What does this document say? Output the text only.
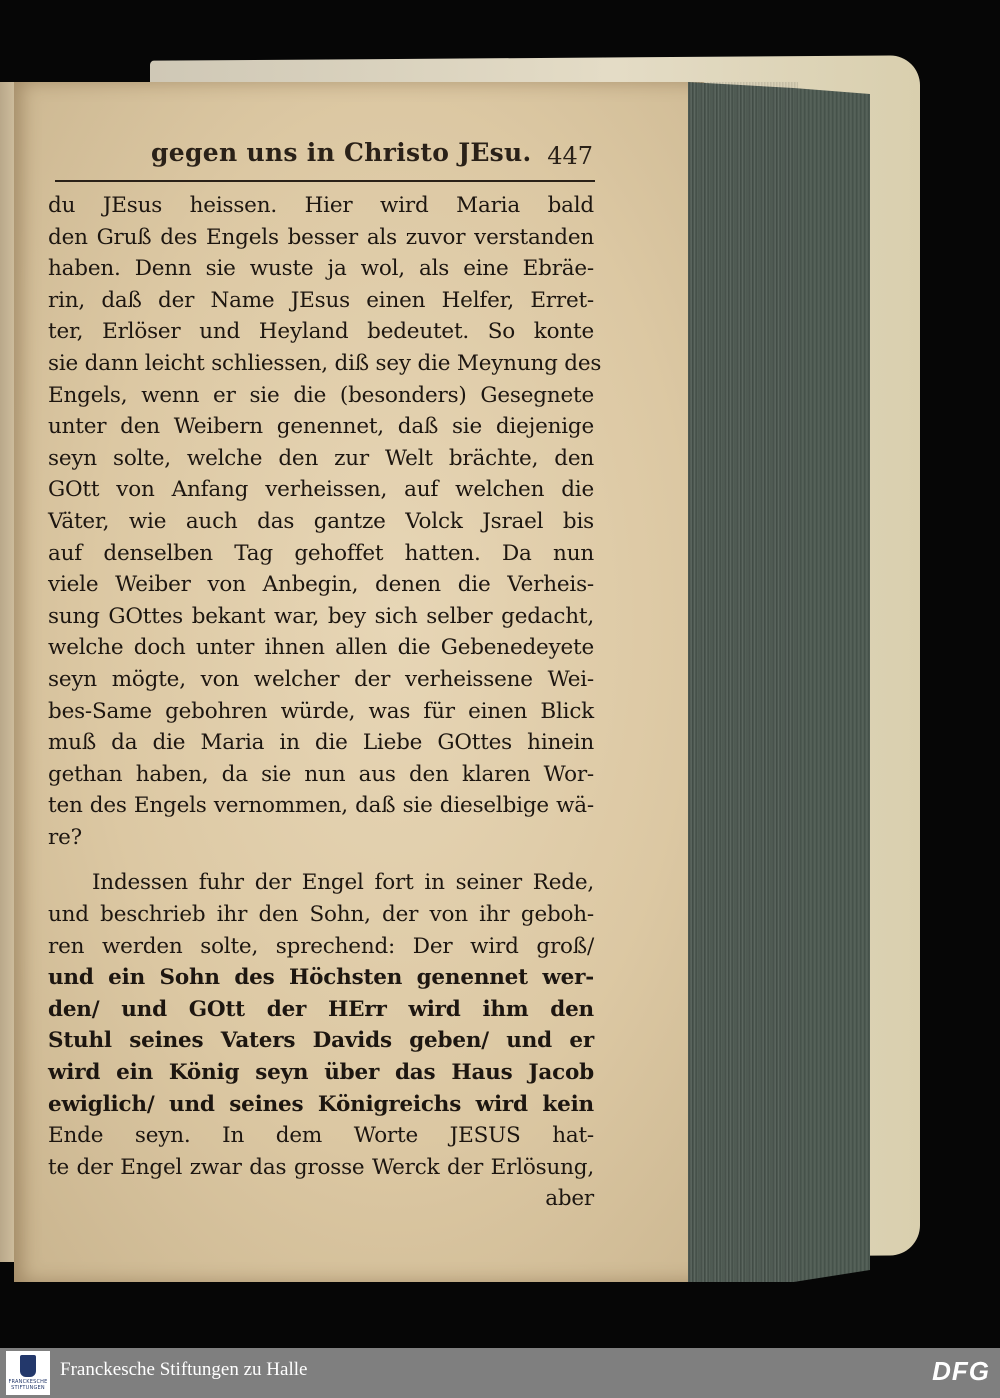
gegen uns in Christo JEsu. 447
du JEsus heissen. Hier wird Maria bald
den Gruß des Engels besser als zuvor verstanden
haben. Denn sie wuste ja wol, als eine Ebräe-
rin, daß der Name JEsus einen Helfer, Erret-
ter, Erlöser und Heyland bedeutet. So konte
sie dann leicht schliessen, diß sey die Meynung des
Engels, wenn er sie die (besonders) Gesegnete
unter den Weibern genennet, daß sie diejenige
seyn solte, welche den zur Welt brächte, den
GOtt von Anfang verheissen, auf welchen die
Väter, wie auch das gantze Volck Jsrael bis
auf denselben Tag gehoffet hatten. Da nun
viele Weiber von Anbegin, denen die Verheis-
sung GOttes bekant war, bey sich selber gedacht,
welche doch unter ihnen allen die Gebenedeyete
seyn mögte, von welcher der verheissene Wei-
bes-Same gebohren würde, was für einen Blick
muß da die Maria in die Liebe GOttes hinein
gethan haben, da sie nun aus den klaren Wor-
ten des Engels vernommen, daß sie dieselbige wä-
re?
Indessen fuhr der Engel fort in seiner Rede,
und beschrieb ihr den Sohn, der von ihr geboh-
ren werden solte, sprechend: Der wird groß/
und ein Sohn des Höchsten genennet wer-
den/ und GOtt der HErr wird ihm den
Stuhl seines Vaters Davids geben/ und er
wird ein König seyn über das Haus Jacob
ewiglich/ und seines Königreichs wird kein
Ende seyn. In dem Worte JESUS hat-
te der Engel zwar das grosse Werck der Erlösung,
aber
FRANCKESCHE
STIFTUNGEN
Franckesche Stiftungen zu Halle	DFG
